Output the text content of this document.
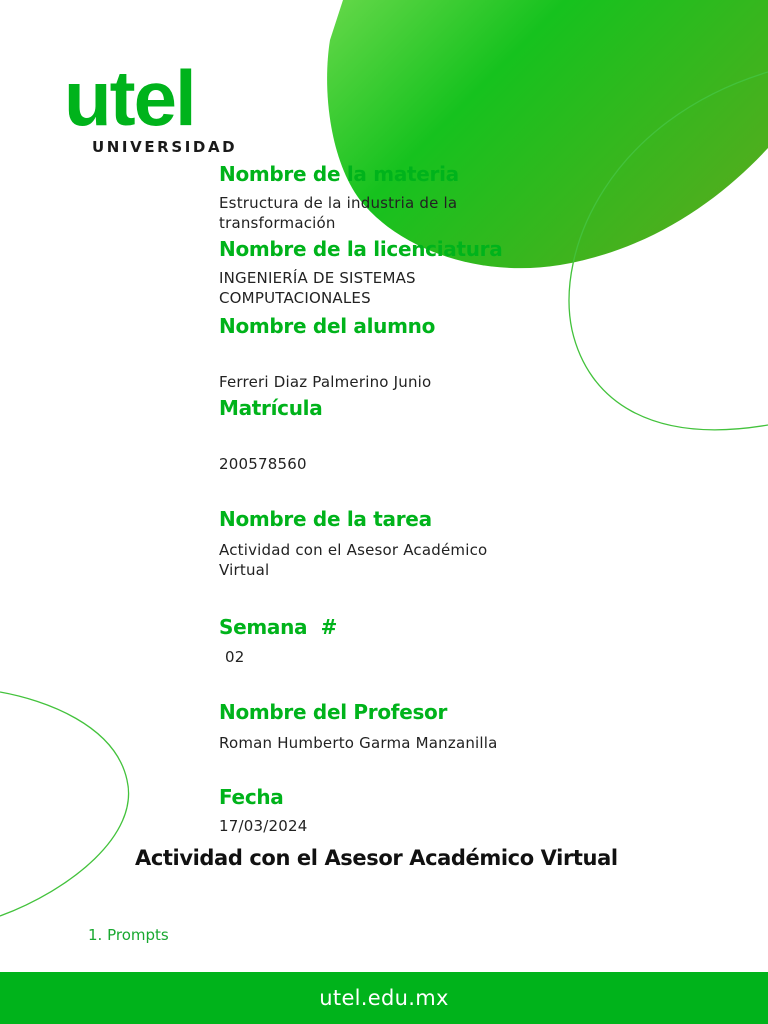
utel
UNIVERSIDAD
Nombre de la materia
Estructura de la industria de la transformación
Nombre de la licenciatura
INGENIERÍA DE SISTEMAS COMPUTACIONALES
Nombre del alumno
Ferreri Diaz Palmerino Junio
Matrícula
200578560
Nombre de la tarea
Actividad con el Asesor Académico Virtual
Semana  #
02
Nombre del Profesor
Roman Humberto Garma Manzanilla
Fecha
17/03/2024
Actividad con el Asesor Académico Virtual
1. Prompts
utel.edu.mx
